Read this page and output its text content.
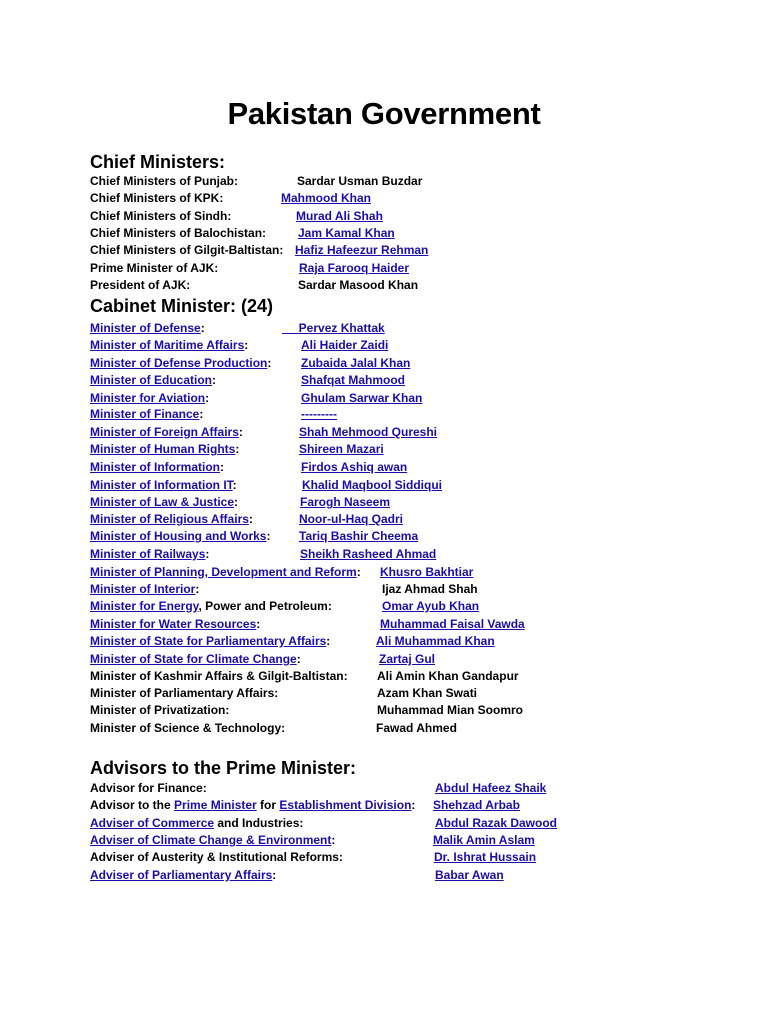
Pakistan Government
Chief Ministers:
Chief Ministers of Punjab:	Sardar Usman Buzdar
Chief Ministers of KPK:	Mahmood Khan
Chief Ministers of Sindh:	Murad Ali Shah
Chief Ministers of Balochistan:	Jam Kamal Khan
Chief Ministers of Gilgit-Baltistan: Hafiz Hafeezur Rehman
Prime Minister of AJK:	Raja Farooq Haider
President of AJK:	Sardar Masood Khan
Cabinet Minister: (24)
Minister of Defense:	Pervez Khattak
Minister of Maritime Affairs:	Ali Haider Zaidi
Minister of Defense Production: Zubaida Jalal Khan
Minister of Education:	Shafqat Mahmood
Minister for Aviation:	Ghulam Sarwar Khan
Minister of Finance:	---------
Minister of Foreign Affairs:	Shah Mehmood Qureshi
Minister of Human Rights:	Shireen Mazari
Minister of Information:	Firdos Ashiq awan
Minister of Information IT:	Khalid Maqbool Siddiqui
Minister of Law & Justice:	Farogh Naseem
Minister of Religious Affairs:	Noor-ul-Haq Qadri
Minister of Housing and Works: Tariq Bashir Cheema
Minister of Railways:	Sheikh Rasheed Ahmad
Minister of Planning, Development and Reform: Khusro Bakhtiar
Minister of Interior:	Ijaz Ahmad Shah
Minister for Energy, Power and Petroleum:	Omar Ayub Khan
Minister for Water Resources:	Muhammad Faisal Vawda
Minister of State for Parliamentary Affairs:	Ali Muhammad Khan
Minister of State for Climate Change:	Zartaj Gul
Minister of Kashmir Affairs & Gilgit-Baltistan: Ali Amin Khan Gandapur
Minister of Parliamentary Affairs:	Azam Khan Swati
Minister of Privatization:	Muhammad Mian Soomro
Minister of Science & Technology:	Fawad Ahmed
Advisors to the Prime Minister:
Advisor for Finance:	Abdul Hafeez Shaik
Advisor to the Prime Minister for Establishment Division: Shehzad Arbab
Adviser of Commerce and Industries:	Abdul Razak Dawood
Adviser of Climate Change & Environment:	Malik Amin Aslam
Adviser of Austerity & Institutional Reforms:	Dr. Ishrat Hussain
Adviser of Parliamentary Affairs:	Babar Awan
